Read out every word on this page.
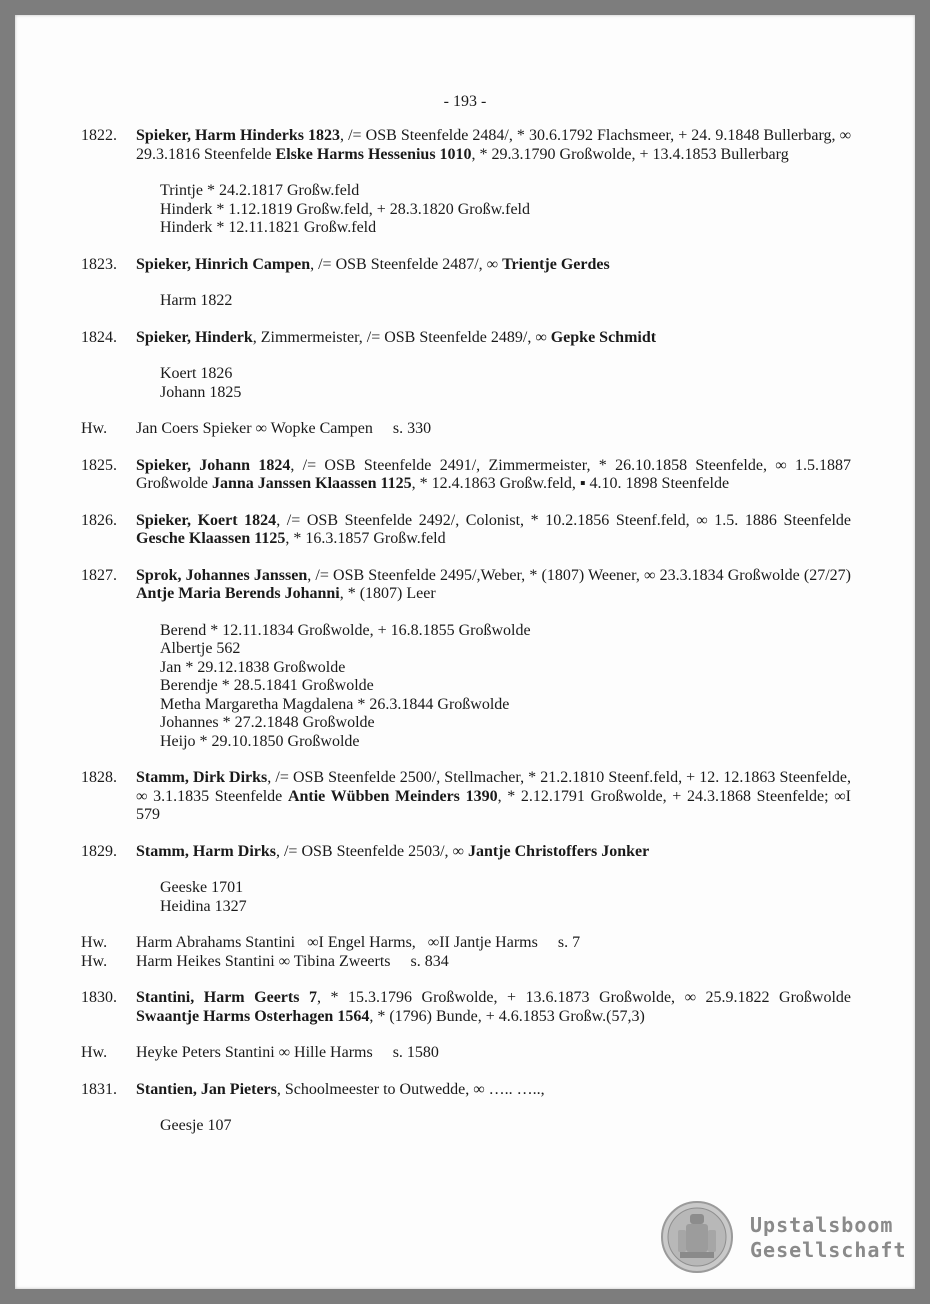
- 193 -
1822.	Spieker, Harm Hinderks 1823, /= OSB Steenfelde 2484/, * 30.6.1792 Flachsmeer, + 24. 9.1848 Bullerbarg, ∞ 29.3.1816 Steenfelde Elske Harms Hessenius 1010, * 29.3.1790 Großwolde, + 13.4.1853 Bullerbarg
Trintje * 24.2.1817 Großw.feld
Hinderk * 1.12.1819 Großw.feld, + 28.3.1820 Großw.feld
Hinderk * 12.11.1821 Großw.feld
1823.	Spieker, Hinrich Campen, /= OSB Steenfelde 2487/, ∞ Trientje Gerdes
Harm 1822
1824.	Spieker, Hinderk, Zimmermeister, /= OSB Steenfelde 2489/, ∞ Gepke Schmidt
Koert 1826
Johann 1825
Hw.	Jan Coers Spieker ∞ Wopke Campen s. 330
1825.	Spieker, Johann 1824, /= OSB Steenfelde 2491/, Zimmermeister, * 26.10.1858 Steenfelde, ∞ 1.5.1887 Großwolde Janna Janssen Klaassen 1125, * 12.4.1863 Großw.feld, ▪ 4.10. 1898 Steenfelde
1826.	Spieker, Koert 1824, /= OSB Steenfelde 2492/, Colonist, * 10.2.1856 Steenf.feld, ∞ 1.5. 1886 Steenfelde Gesche Klaassen 1125, * 16.3.1857 Großw.feld
1827.	Sprok, Johannes Janssen, /= OSB Steenfelde 2495/,Weber, * (1807) Weener, ∞ 23.3.1834 Großwolde (27/27) Antje Maria Berends Johanni, * (1807) Leer
Berend * 12.11.1834 Großwolde, + 16.8.1855 Großwolde
Albertje 562
Jan * 29.12.1838 Großwolde
Berendje * 28.5.1841 Großwolde
Metha Margaretha Magdalena * 26.3.1844 Großwolde
Johannes * 27.2.1848 Großwolde
Heijo * 29.10.1850 Großwolde
1828.	Stamm, Dirk Dirks, /= OSB Steenfelde 2500/, Stellmacher, * 21.2.1810 Steenf.feld, + 12. 12.1863 Steenfelde, ∞ 3.1.1835 Steenfelde Antie Wübben Meinders 1390, * 2.12.1791 Großwolde, + 24.3.1868 Steenfelde; ∞I 579
1829.	Stamm, Harm Dirks, /= OSB Steenfelde 2503/, ∞ Jantje Christoffers Jonker
Geeske 1701
Heidina 1327
Hw.	Harm Abrahams Stantini   ∞I Engel Harms,   ∞II Jantje Harms s. 7
Hw.	Harm Heikes Stantini ∞ Tibina Zweerts s. 834
1830.	Stantini, Harm Geerts 7, * 15.3.1796 Großwolde, + 13.6.1873 Großwolde, ∞ 25.9.1822 Großwolde Swaantje Harms Osterhagen 1564, * (1796) Bunde, + 4.6.1853 Großw.(57,3)
Hw.	Heyke Peters Stantini ∞ Hille Harms s. 1580
1831.	Stantien, Jan Pieters, Schoolmeester to Outwedde, ∞ ….. …..,
Geesje 107
Upstalsboom
Gesellschaft
